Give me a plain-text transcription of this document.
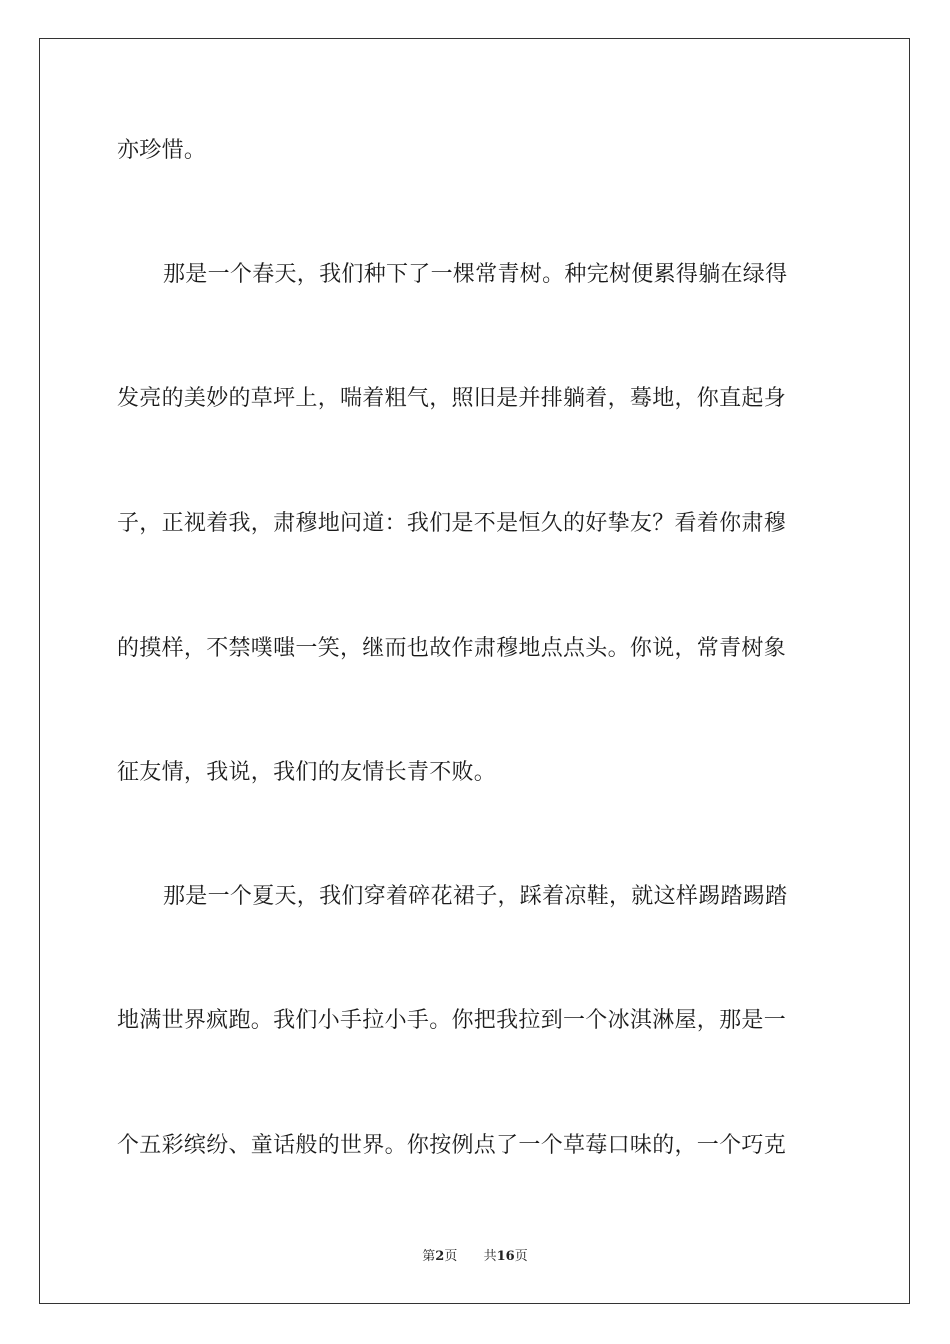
亦珍惜。
那是一个春天，我们种下了一棵常青树。种完树便累得躺在绿得
发亮的美妙的草坪上，喘着粗气，照旧是并排躺着，蓦地，你直起身
子，正视着我，肃穆地问道：我们是不是恒久的好挚友？看着你肃穆
的摸样，不禁噗嗤一笑，继而也故作肃穆地点点头。你说，常青树象
征友情，我说，我们的友情长青不败。
那是一个夏天，我们穿着碎花裙子，踩着凉鞋，就这样踢踏踢踏
地满世界疯跑。我们小手拉小手。你把我拉到一个冰淇淋屋，那是一
个五彩缤纷、童话般的世界。你按例点了一个草莓口味的，一个巧克
第2页 共16页
